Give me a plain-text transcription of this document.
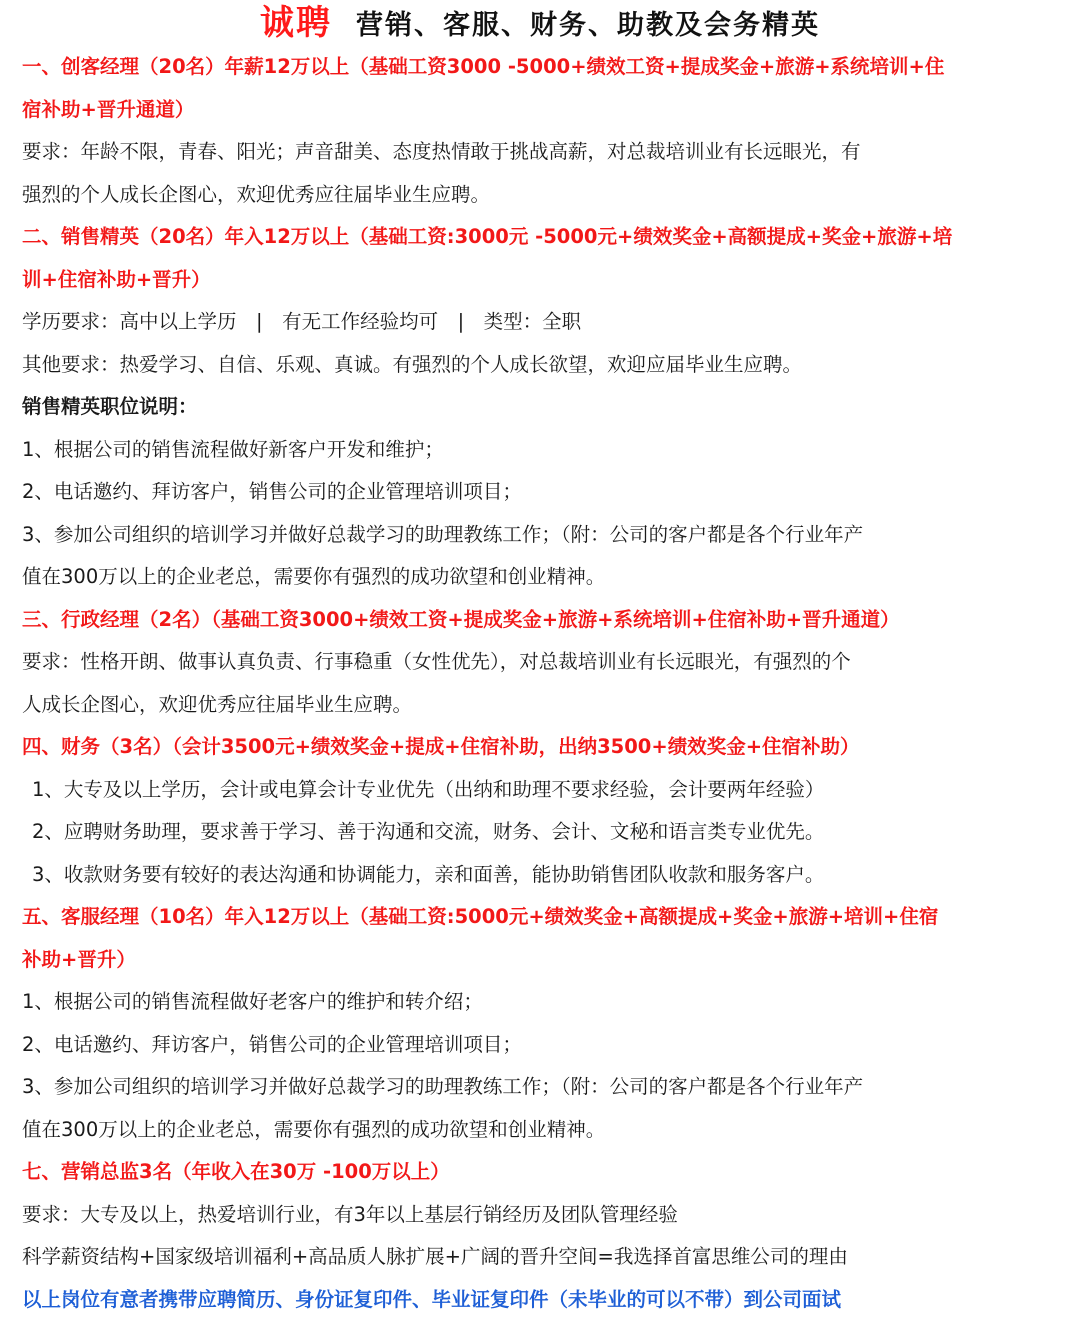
诚聘 营销、客服、财务、助教及会务精英
一、创客经理（20名）年薪12万以上（基础工资3000 -5000+绩效工资+提成奖金+旅游+系统培训+住
宿补助+晋升通道）
要求：年龄不限，青春、阳光；声音甜美、态度热情敢于挑战高薪，对总裁培训业有长远眼光，有
强烈的个人成长企图心，欢迎优秀应往届毕业生应聘。
二、销售精英（20名）年入12万以上（基础工资:3000元 -5000元+绩效奖金+高额提成+奖金+旅游+培
训+住宿补助+晋升）
学历要求：高中以上学历　|　有无工作经验均可　|　类型：全职
其他要求：热爱学习、自信、乐观、真诚。有强烈的个人成长欲望，欢迎应届毕业生应聘。
销售精英职位说明：
1、根据公司的销售流程做好新客户开发和维护；
2、电话邀约、拜访客户，销售公司的企业管理培训项目；
3、参加公司组织的培训学习并做好总裁学习的助理教练工作；（附：公司的客户都是各个行业年产
值在300万以上的企业老总，需要你有强烈的成功欲望和创业精神。
三、行政经理（2名）（基础工资3000+绩效工资+提成奖金+旅游+系统培训+住宿补助+晋升通道）
要求：性格开朗、做事认真负责、行事稳重（女性优先），对总裁培训业有长远眼光，有强烈的个
人成长企图心，欢迎优秀应往届毕业生应聘。
四、财务（3名）（会计3500元+绩效奖金+提成+住宿补助，出纳3500+绩效奖金+住宿补助）
1、大专及以上学历，会计或电算会计专业优先（出纳和助理不要求经验，会计要两年经验）
2、应聘财务助理，要求善于学习、善于沟通和交流，财务、会计、文秘和语言类专业优先。
3、收款财务要有较好的表达沟通和协调能力，亲和面善，能协助销售团队收款和服务客户。
五、客服经理（10名）年入12万以上（基础工资:5000元+绩效奖金+高额提成+奖金+旅游+培训+住宿
补助+晋升）
1、根据公司的销售流程做好老客户的维护和转介绍；
2、电话邀约、拜访客户，销售公司的企业管理培训项目；
3、参加公司组织的培训学习并做好总裁学习的助理教练工作；（附：公司的客户都是各个行业年产
值在300万以上的企业老总，需要你有强烈的成功欲望和创业精神。
七、营销总监3名（年收入在30万 -100万以上）
要求：大专及以上，热爱培训行业，有3年以上基层行销经历及团队管理经验
科学薪资结构+国家级培训福利+高品质人脉扩展+广阔的晋升空间=我选择首富思维公司的理由
以上岗位有意者携带应聘简历、身份证复印件、毕业证复印件（未毕业的可以不带）到公司面试
